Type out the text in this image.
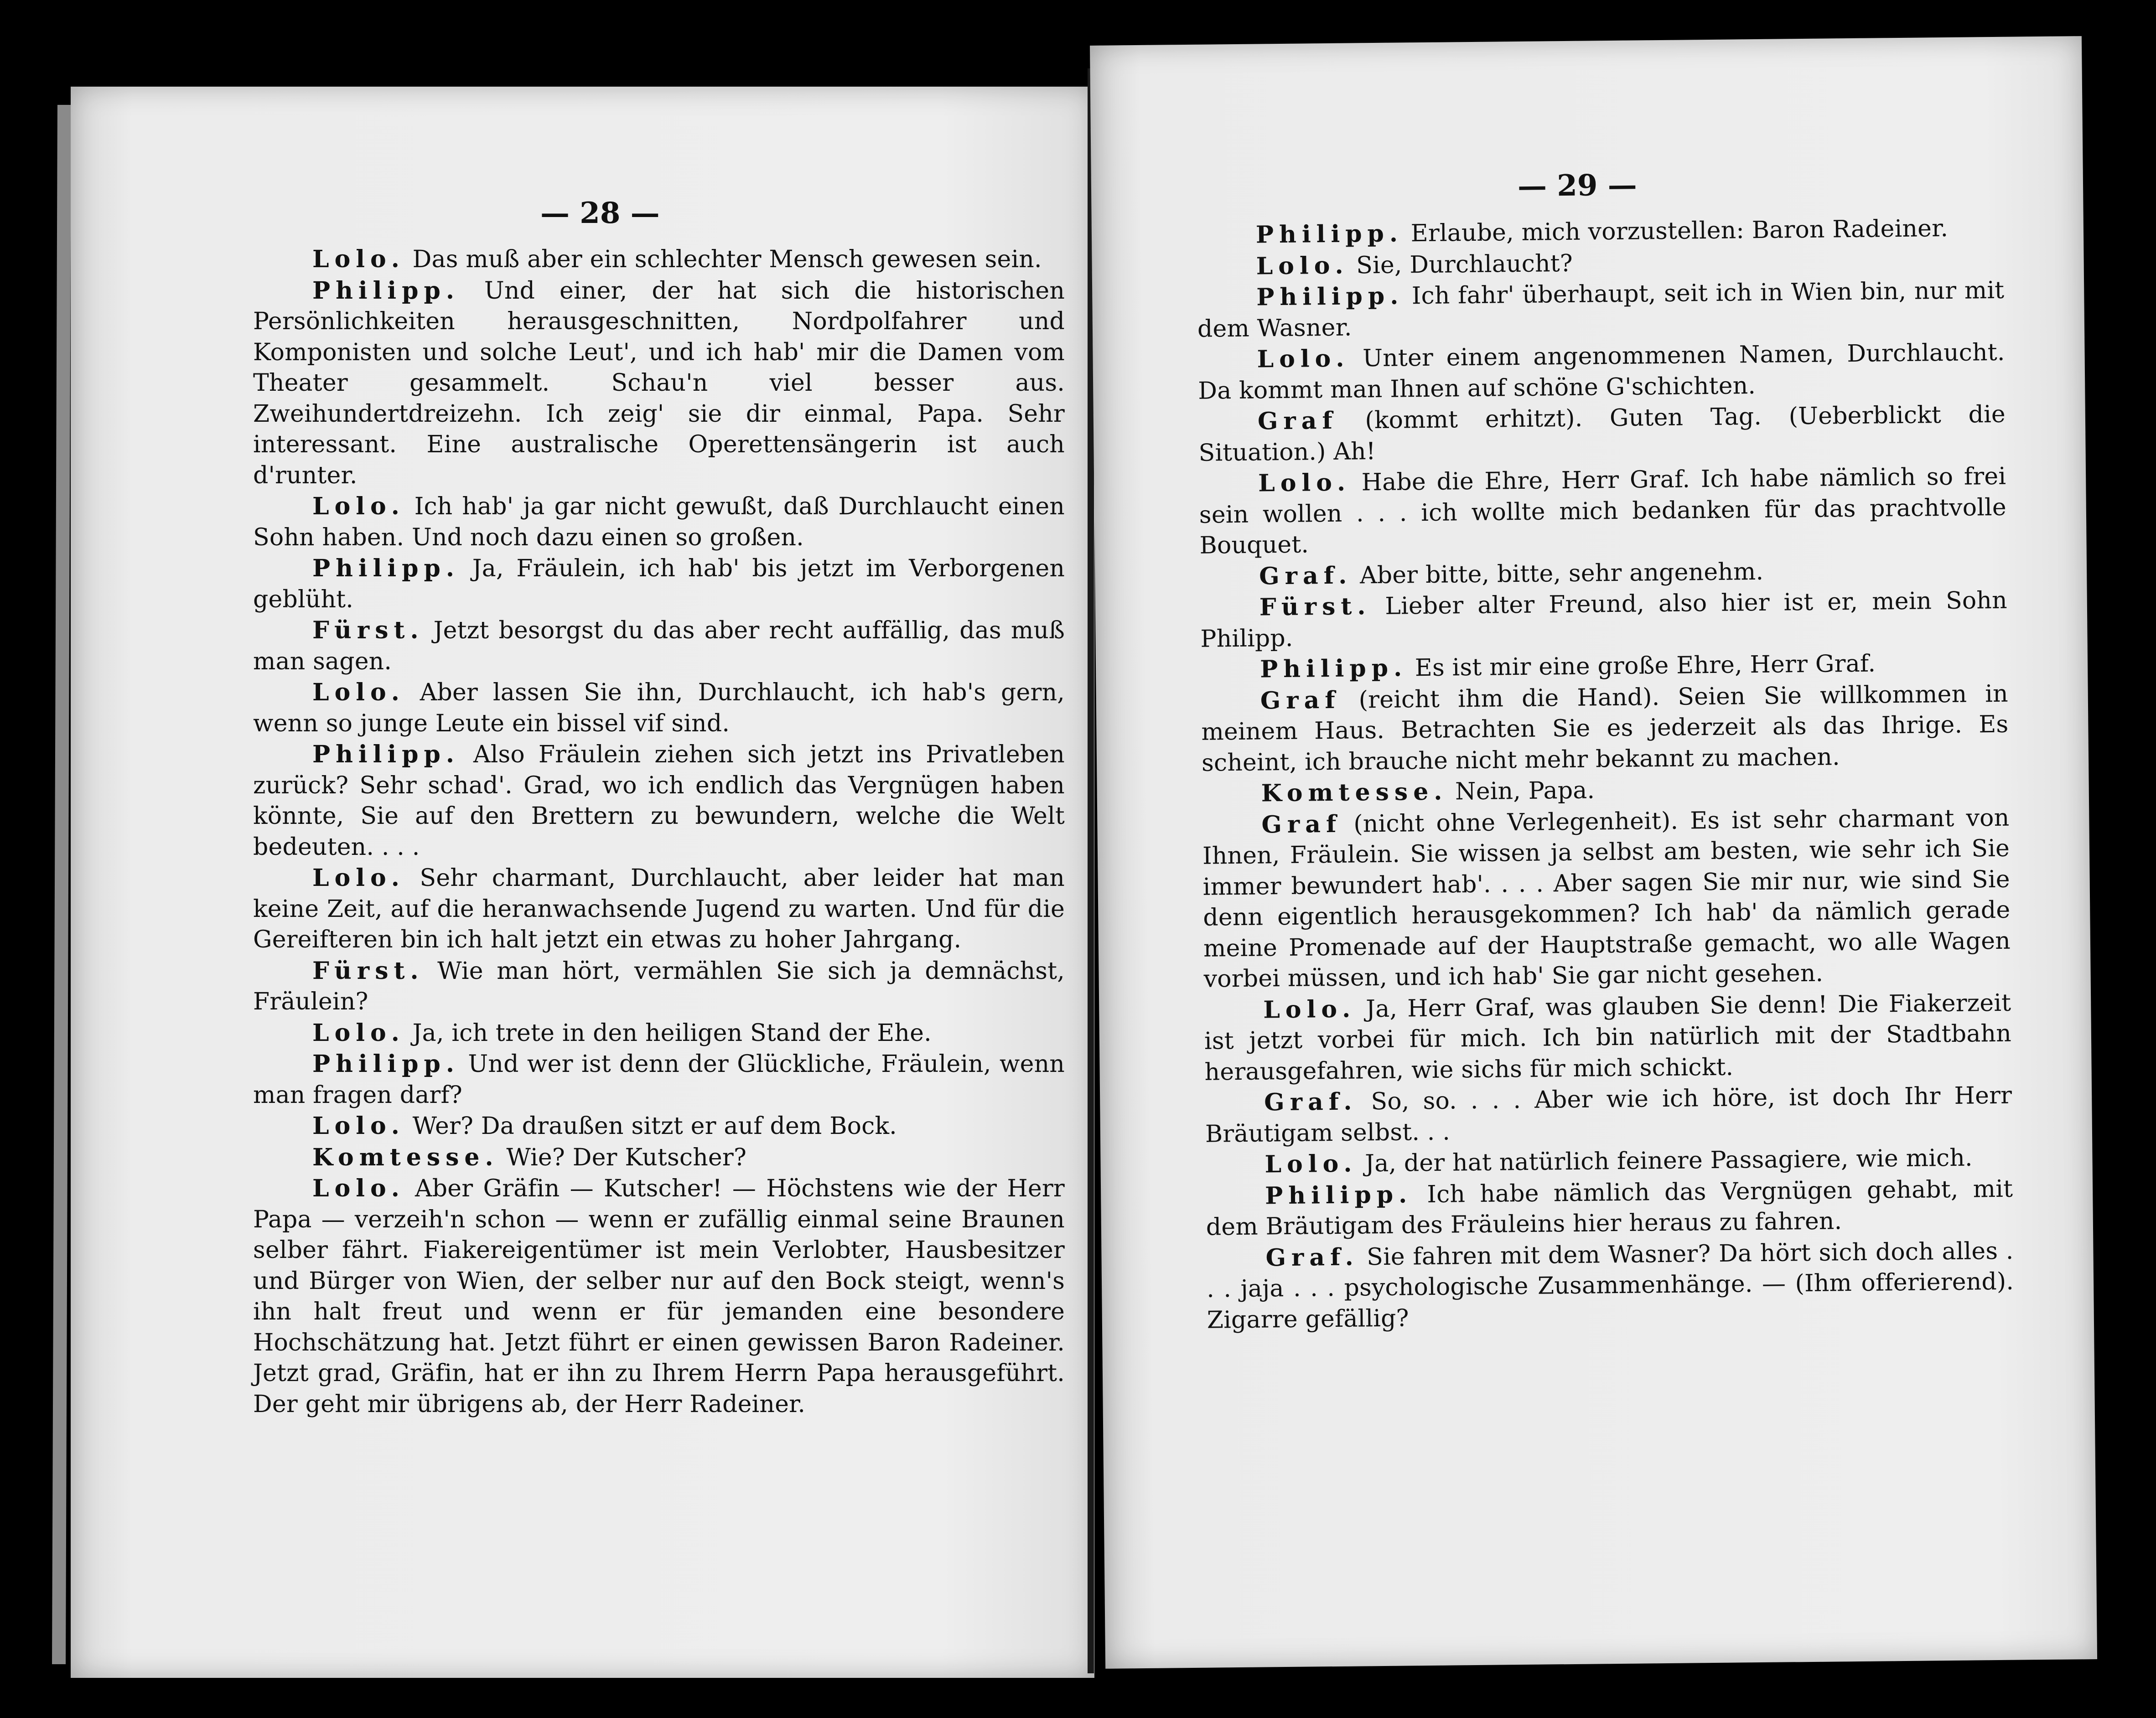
— 28 —

Lolo. Das muß aber ein schlechter Mensch gewesen sein.

Philipp. Und einer, der hat sich die historischen Persönlichkeiten herausgeschnitten, Nordpolfahrer und Komponisten und solche Leut', und ich hab' mir die Damen vom Theater gesammelt. Schau'n viel besser aus. Zweihundertdreizehn. Ich zeig' sie dir einmal, Papa. Sehr interessant. Eine australische Operettensängerin ist auch d'runter.

Lolo. Ich hab' ja gar nicht gewußt, daß Durchlaucht einen Sohn haben. Und noch dazu einen so großen.

Philipp. Ja, Fräulein, ich hab' bis jetzt im Verborgenen geblüht.

Fürst. Jetzt besorgst du das aber recht auffällig, das muß man sagen.

Lolo. Aber lassen Sie ihn, Durchlaucht, ich hab's gern, wenn so junge Leute ein bissel vif sind.

Philipp. Also Fräulein ziehen sich jetzt ins Privatleben zurück? Sehr schad'. Grad, wo ich endlich das Vergnügen haben könnte, Sie auf den Brettern zu bewundern, welche die Welt bedeuten. . . .

Lolo. Sehr charmant, Durchlaucht, aber leider hat man keine Zeit, auf die heranwachsende Jugend zu warten. Und für die Gereifteren bin ich halt jetzt ein etwas zu hoher Jahrgang.

Fürst. Wie man hört, vermählen Sie sich ja demnächst, Fräulein?

Lolo. Ja, ich trete in den heiligen Stand der Ehe.

Philipp. Und wer ist denn der Glückliche, Fräulein, wenn man fragen darf?

Lolo. Wer? Da draußen sitzt er auf dem Bock.

Komtesse. Wie? Der Kutscher?

Lolo. Aber Gräfin — Kutscher! — Höchstens wie der Herr Papa — verzeih'n schon — wenn er zufällig einmal seine Braunen selber fährt. Fiakereigentümer ist mein Verlobter, Hausbesitzer und Bürger von Wien, der selber nur auf den Bock steigt, wenn's ihn halt freut und wenn er für jemanden eine besondere Hochschätzung hat. Jetzt führt er einen gewissen Baron Radeiner. Jetzt grad, Gräfin, hat er ihn zu Ihrem Herrn Papa herausgeführt. Der geht mir übrigens ab, der Herr Radeiner.

— 29 —

Philipp. Erlaube, mich vorzustellen: Baron Radeiner.

Lolo. Sie, Durchlaucht?

Philipp. Ich fahr' überhaupt, seit ich in Wien bin, nur mit dem Wasner.

Lolo. Unter einem angenommenen Namen, Durchlaucht. Da kommt man Ihnen auf schöne G'schichten.

Graf (kommt erhitzt). Guten Tag. (Ueberblickt die Situation.) Ah!

Lolo. Habe die Ehre, Herr Graf. Ich habe nämlich so frei sein wollen . . . ich wollte mich bedanken für das prachtvolle Bouquet.

Graf. Aber bitte, bitte, sehr angenehm.

Fürst. Lieber alter Freund, also hier ist er, mein Sohn Philipp.

Philipp. Es ist mir eine große Ehre, Herr Graf.

Graf (reicht ihm die Hand). Seien Sie willkommen in meinem Haus. Betrachten Sie es jederzeit als das Ihrige. Es scheint, ich brauche nicht mehr bekannt zu machen.

Komtesse. Nein, Papa.

Graf (nicht ohne Verlegenheit). Es ist sehr charmant von Ihnen, Fräulein. Sie wissen ja selbst am besten, wie sehr ich Sie immer bewundert hab'. . . . Aber sagen Sie mir nur, wie sind Sie denn eigentlich herausgekommen? Ich hab' da nämlich gerade meine Promenade auf der Hauptstraße gemacht, wo alle Wagen vorbei müssen, und ich hab' Sie gar nicht gesehen.

Lolo. Ja, Herr Graf, was glauben Sie denn! Die Fiakerzeit ist jetzt vorbei für mich. Ich bin natürlich mit der Stadtbahn herausgefahren, wie sichs für mich schickt.

Graf. So, so. . . . Aber wie ich höre, ist doch Ihr Herr Bräutigam selbst. . .

Lolo. Ja, der hat natürlich feinere Passagiere, wie mich.

Philipp. Ich habe nämlich das Vergnügen gehabt, mit dem Bräutigam des Fräuleins hier heraus zu fahren.

Graf. Sie fahren mit dem Wasner? Da hört sich doch alles . . . jaja . . . psychologische Zusammenhänge. — (Ihm offerierend). Zigarre gefällig?
